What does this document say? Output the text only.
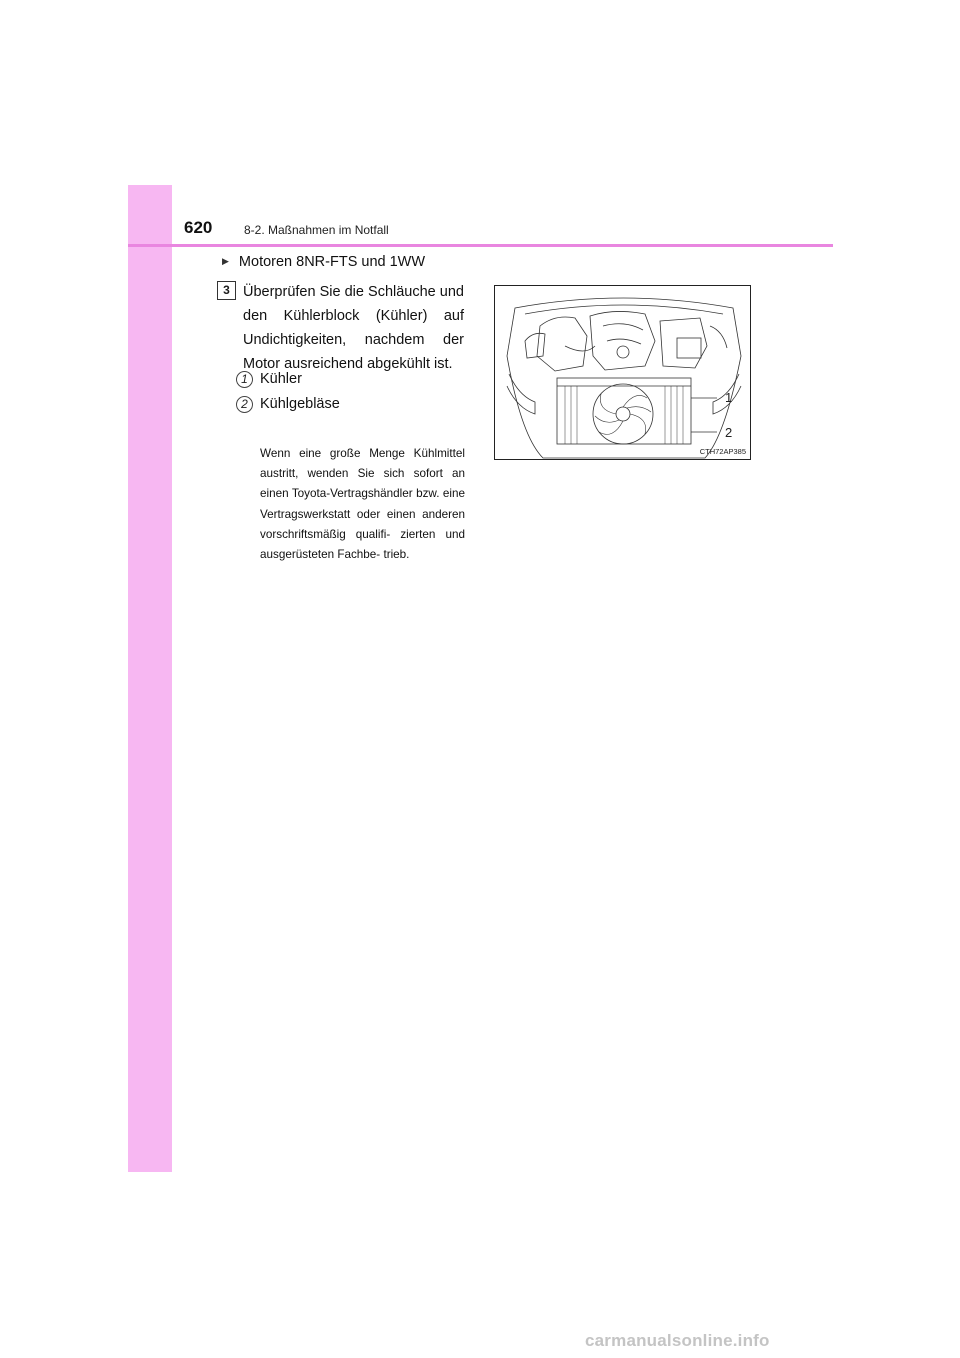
620	8-2. Maßnahmen im Notfall
▶ Motoren 8NR-FTS und 1WW
3 Überprüfen Sie die Schläuche und den Kühlerblock (Kühler) auf Undichtigkeiten, nachdem der Motor ausreichend abgekühlt ist.
1 Kühler
2 Kühlgebläse
Wenn eine große Menge Kühlmittel austritt, wenden Sie sich sofort an einen Toyota-Vertragshändler bzw. eine Vertragswerkstatt oder einen anderen vorschriftsmäßig qualifi- zierten und ausgerüsteten Fachbe- trieb.
1
2
CTH72AP385
carmanualsonline.info
